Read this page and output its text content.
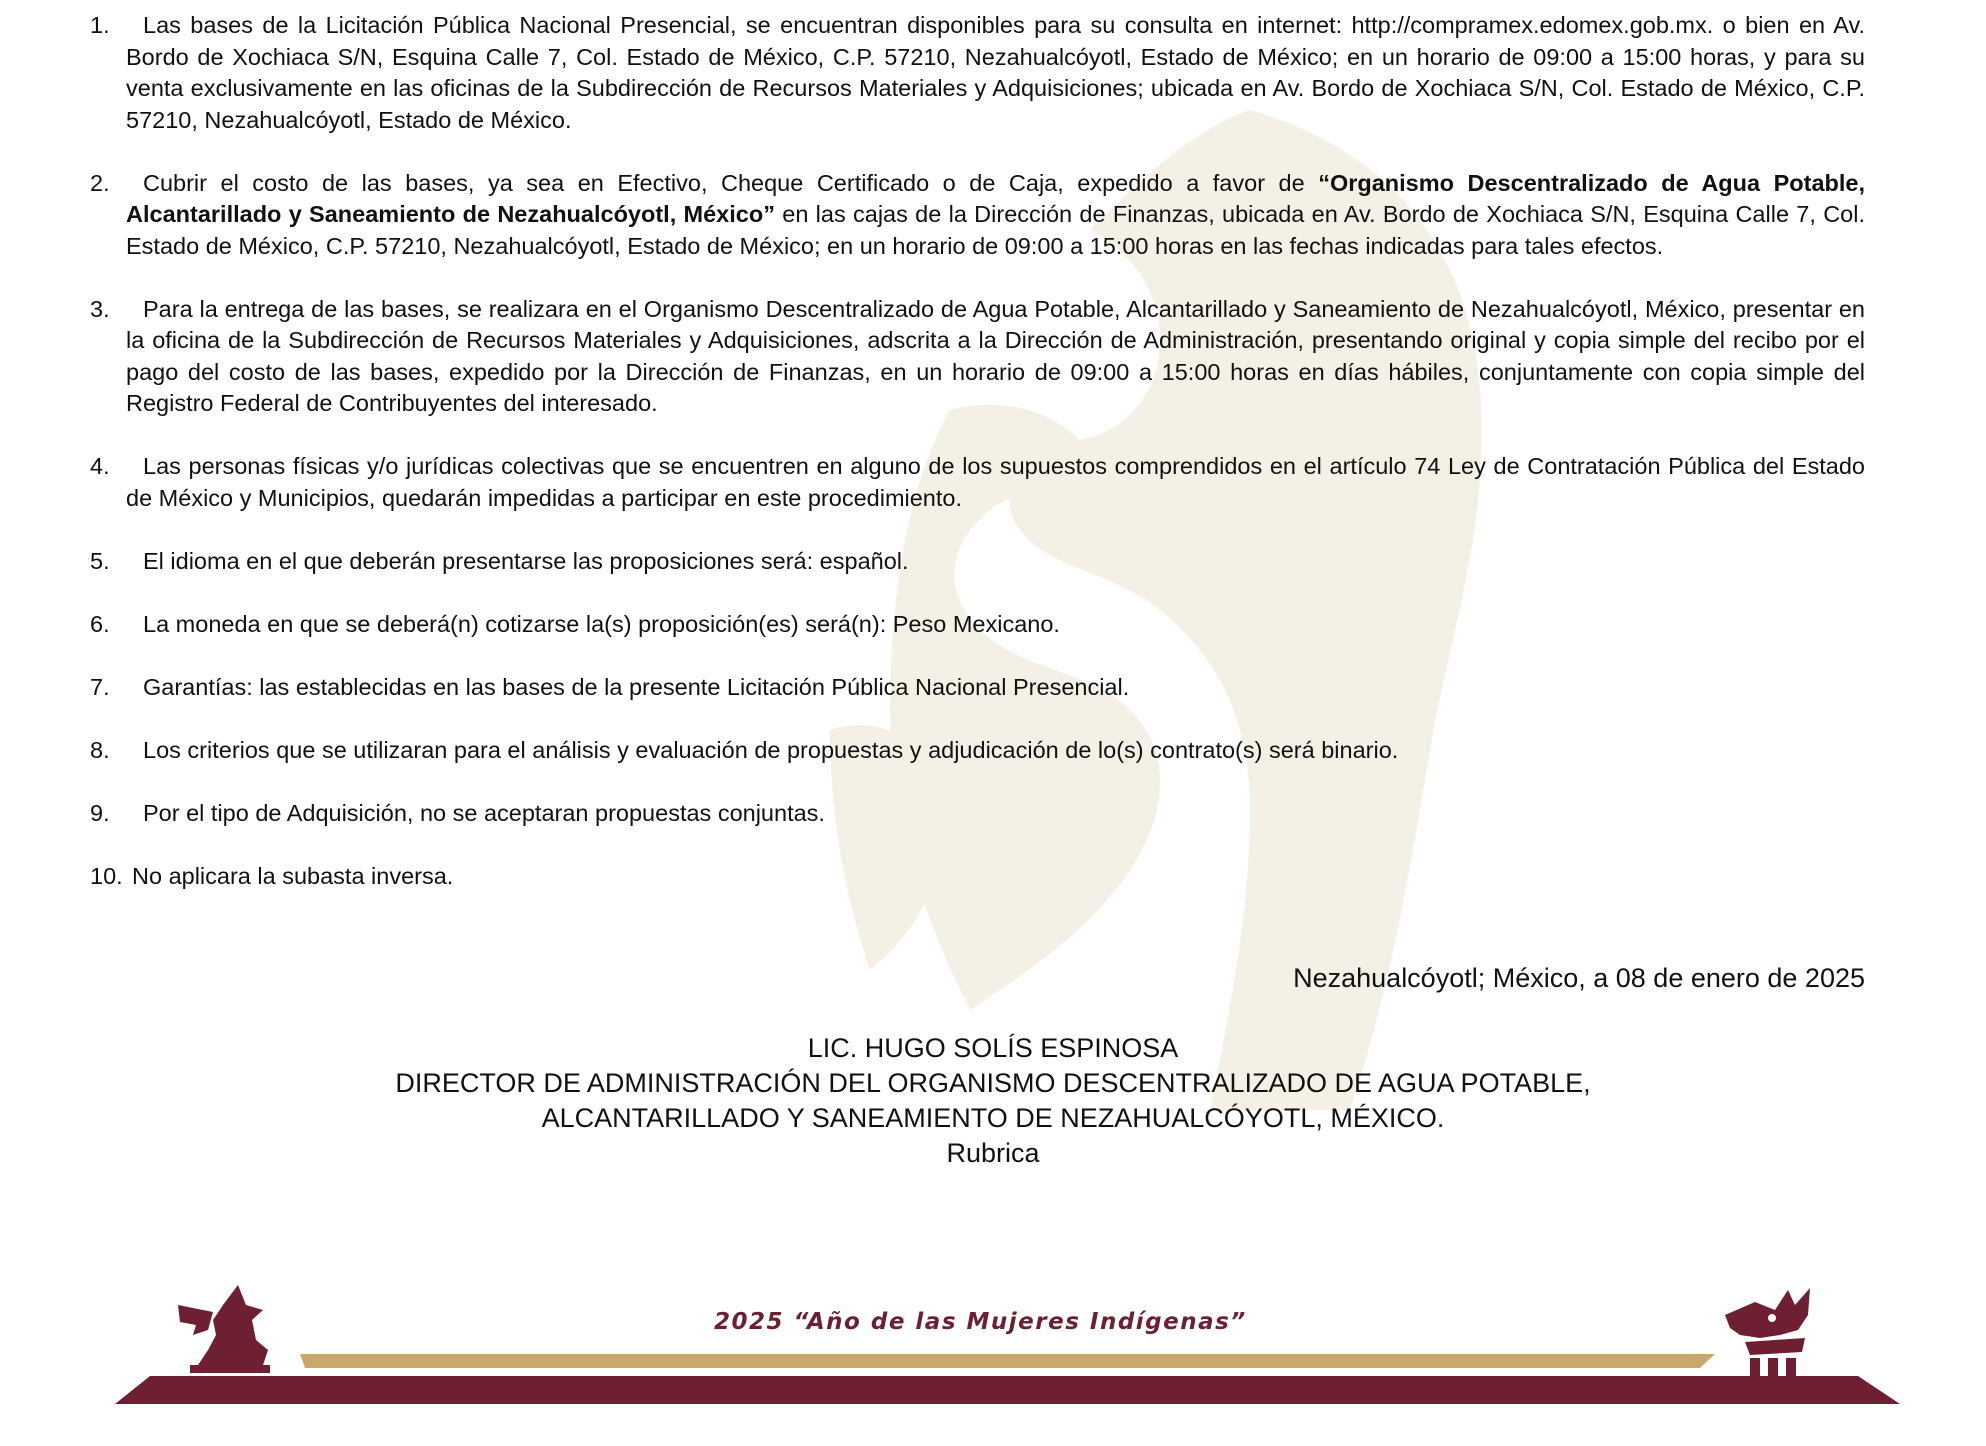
1.	Las bases de la Licitación Pública Nacional Presencial, se encuentran disponibles para su consulta en internet: http://compramex.edomex.gob.mx. o bien en Av. Bordo de Xochiaca S/N, Esquina Calle 7, Col. Estado de México, C.P. 57210, Nezahualcóyotl, Estado de México; en un horario de 09:00 a 15:00 horas, y para su venta exclusivamente en las oficinas de la Subdirección de Recursos Materiales y Adquisiciones; ubicada en Av. Bordo de Xochiaca S/N, Col. Estado de México, C.P. 57210, Nezahualcóyotl, Estado de México.
2.	Cubrir el costo de las bases, ya sea en Efectivo, Cheque Certificado o de Caja, expedido a favor de “Organismo Descentralizado de Agua Potable, Alcantarillado y Saneamiento de Nezahualcóyotl, México” en las cajas de la Dirección de Finanzas, ubicada en Av. Bordo de Xochiaca S/N, Esquina Calle 7, Col. Estado de México, C.P. 57210, Nezahualcóyotl, Estado de México; en un horario de 09:00 a 15:00 horas en las fechas indicadas para tales efectos.
3.	Para la entrega de las bases, se realizara en el Organismo Descentralizado de Agua Potable, Alcantarillado y Saneamiento de Nezahualcóyotl, México, presentar en la oficina de la Subdirección de Recursos Materiales y Adquisiciones, adscrita a la Dirección de Administración, presentando original y copia simple del recibo por el pago del costo de las bases, expedido por la Dirección de Finanzas, en un horario de 09:00 a 15:00 horas en días hábiles, conjuntamente con copia simple del Registro Federal de Contribuyentes del interesado.
4.	Las personas físicas y/o jurídicas colectivas que se encuentren en alguno de los supuestos comprendidos en el artículo 74 Ley de Contratación Pública del Estado de México y Municipios, quedarán impedidas a participar en este procedimiento.
5.	El idioma en el que deberán presentarse las proposiciones será: español.
6.	La moneda en que se deberá(n) cotizarse la(s) proposición(es) será(n): Peso Mexicano.
7.	Garantías: las establecidas en las bases de la presente Licitación Pública Nacional Presencial.
8.	Los criterios que se utilizaran para el análisis y evaluación de propuestas y adjudicación de lo(s) contrato(s) será binario.
9.	Por el tipo de Adquisición, no se aceptaran propuestas conjuntas.
10. No aplicara la subasta inversa.
Nezahualcóyotl; México, a 08 de enero de 2025
LIC. HUGO SOLÍS ESPINOSA
DIRECTOR DE ADMINISTRACIÓN DEL ORGANISMO DESCENTRALIZADO DE AGUA POTABLE,
ALCANTARILLADO Y SANEAMIENTO DE NEZAHUALCÓYOTL, MÉXICO.
Rubrica
2025 “Año de las Mujeres Indígenas”
